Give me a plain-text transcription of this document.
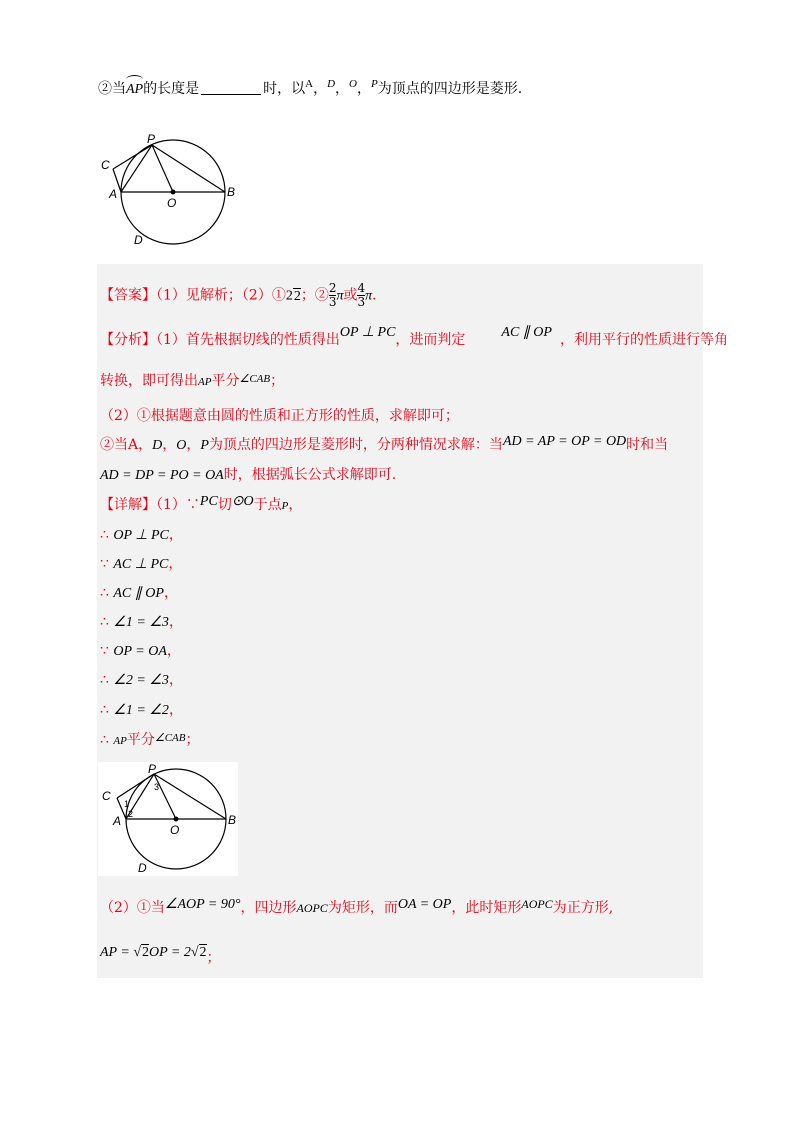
②当AP的长度是	时，以$^A$，$^D$，$^O$，$^P$为顶点的四边形是菱形.
P
C
A
O
B
D
【答案】（1）见解析；（2）①22；② $\frac{2}{3}$ π或 $\frac{4}{3} \pi$.
【分析】（1）首先根据切线的性质得出OP ⊥ PC，进而判定	AC ∥ OP ，利用平行的性质进行等角
转换，即可得出AP平分$^{\angle CAB}$；
（2）①根据题意由圆的性质和正方形的性质，求解即可；
②当A，D，O，P为顶点的四边形是菱形时，分两种情况求解：当AD = AP = OP = OD时和当
AD = DP = PO = OA时，根据弧长公式求解即可.
【详解】（1）∵PC切⊙O于点P，
∴ OP ⊥ PC，
∵ AC ⊥ PC，
∴ AC ∥ OP，
∴ ∠1 = ∠3，
∵ OP = OA，
∴ ∠2 = ∠3，
∴ ∠1 = ∠2，
∴ AP平分$^{\angle CAB}$；
P
C
A
O
B
D
1
2
3
（2）①当∠AOP = 90°，四边形AOPC为矩形，而OA = OP，此时矩形AOPC为正方形,
AP = √2OP = 2√2；
